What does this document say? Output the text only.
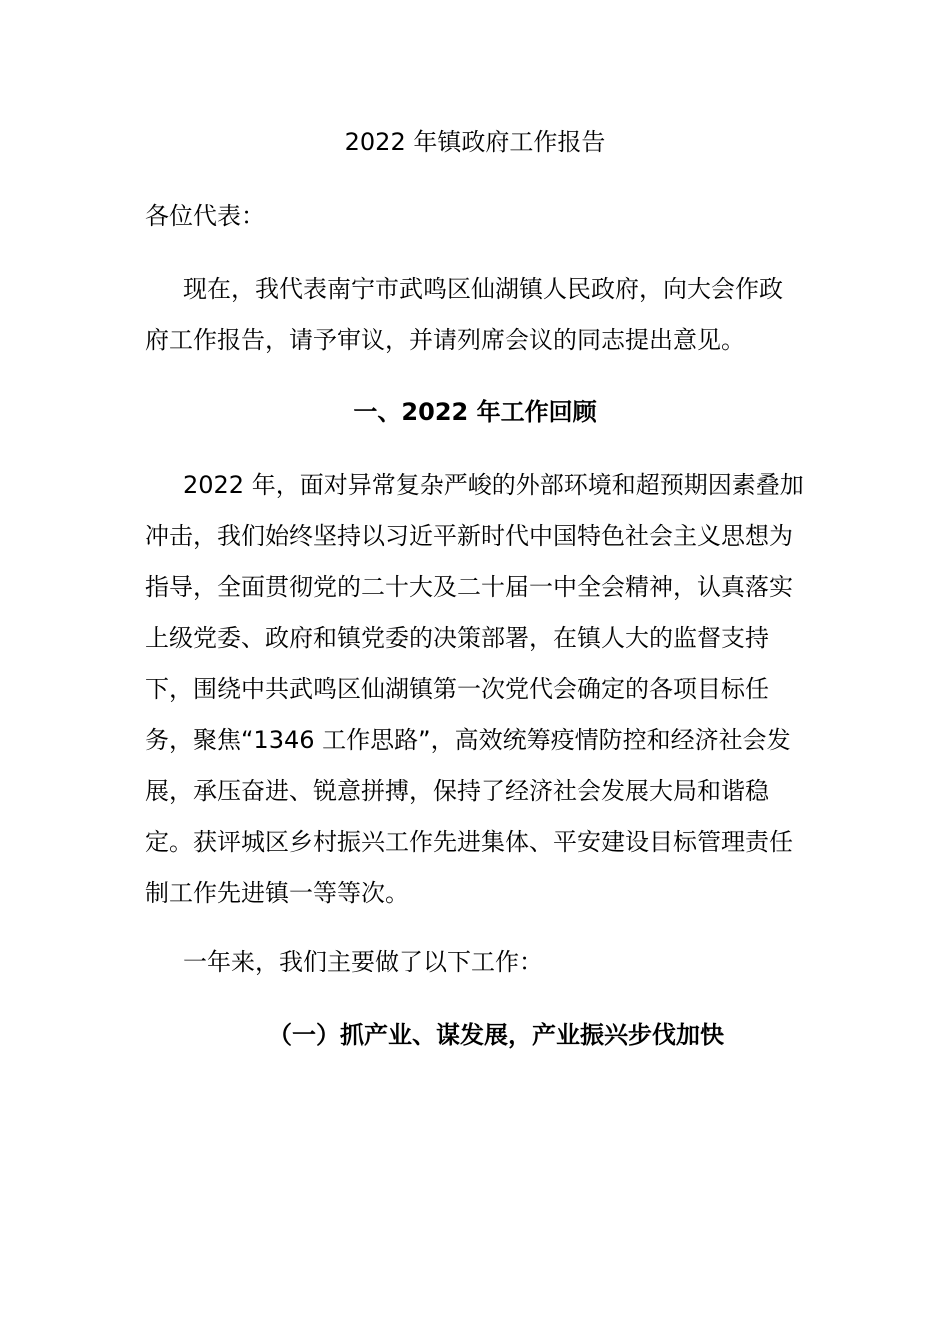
2022 年镇政府工作报告

各位代表：

现在，我代表南宁市武鸣区仙湖镇人民政府，向大会作政府工作报告，请予审议，并请列席会议的同志提出意见。

一、2022 年工作回顾

2022 年，面对异常复杂严峻的外部环境和超预期因素叠加冲击，我们始终坚持以习近平新时代中国特色社会主义思想为指导，全面贯彻党的二十大及二十届一中全会精神，认真落实上级党委、政府和镇党委的决策部署，在镇人大的监督支持下，围绕中共武鸣区仙湖镇第一次党代会确定的各项目标任务，聚焦“1346 工作思路”，高效统筹疫情防控和经济社会发展，承压奋进、锐意拼搏，保持了经济社会发展大局和谐稳定。获评城区乡村振兴工作先进集体、平安建设目标管理责任制工作先进镇一等等次。

一年来，我们主要做了以下工作：

（一）抓产业、谋发展，产业振兴步伐加快
